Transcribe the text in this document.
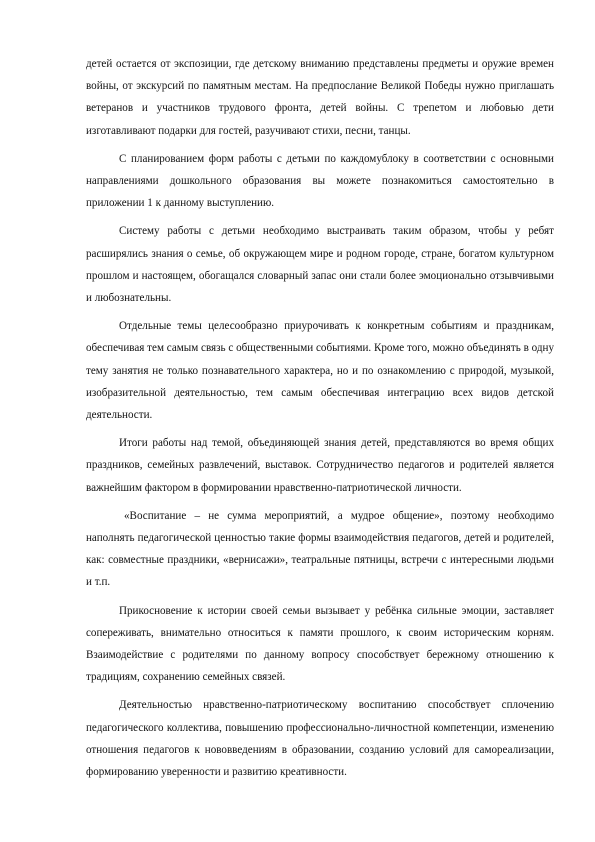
детей остается от экспозиции, где детскому вниманию представлены предметы и оружие времен войны, от экскурсий по памятным местам. На предпоcлание Великой Победы нужно приглашать ветеранов и участников трудового фронта, детей войны. С трепетом и любовью дети изготавливают подарки для гостей, разучивают стихи, песни, танцы.

С планированием форм работы с детьми по каждомублоку в соответствии с основными направлениями дошкольного образования вы можете познакомиться самостоятельно в приложении 1 к данному выступлению.

Систему работы с детьми необходимо выстраивать таким образом, чтобы у ребят расширялись знания о семье, об окружающем мире и родном городе, стране, богатом культурном прошлом и настоящем, обогащался словарный запас они стали более эмоционально отзывчивыми и любознательны.

Отдельные темы целесообразно приурочивать к конкретным событиям и праздникам, обеспечивая тем самым связь с общественными событиями. Кроме того, можно объединять в одну тему занятия не только познавательного характера, но и по ознакомлению с природой, музыкой, изобразительной деятельностью, тем самым обеспечивая интеграцию всех видов детской деятельности.

Итоги работы над темой, объединяющей знания детей, представляются во время общих праздников, семейных развлечений, выставок. Сотрудничество педагогов и родителей является важнейшим фактором в формировании нравственно-патриотической личности.

«Воспитание – не сумма мероприятий, а мудрое общение», поэтому необходимо наполнять педагогической ценностью такие формы взаимодействия педагогов, детей и родителей, как: совместные праздники, «вернисажи», театральные пятницы, встречи с интересными людьми и т.п.

Прикосновение к истории своей семьи вызывает у ребёнка сильные эмоции, заставляет сопереживать, внимательно относиться к памяти прошлого, к своим историческим корням. Взаимодействие с родителями по данному вопросу способствует бережному отношению к традициям, сохранению семейных связей.

Деятельностью нравственно-патриотическому воспитанию способствует сплочению педагогического коллектива, повышению профессионально-личностной компетенции, изменению отношения педагогов к нововведениям в образовании, созданию условий для самореализации, формированию уверенности и развитию креативности.
